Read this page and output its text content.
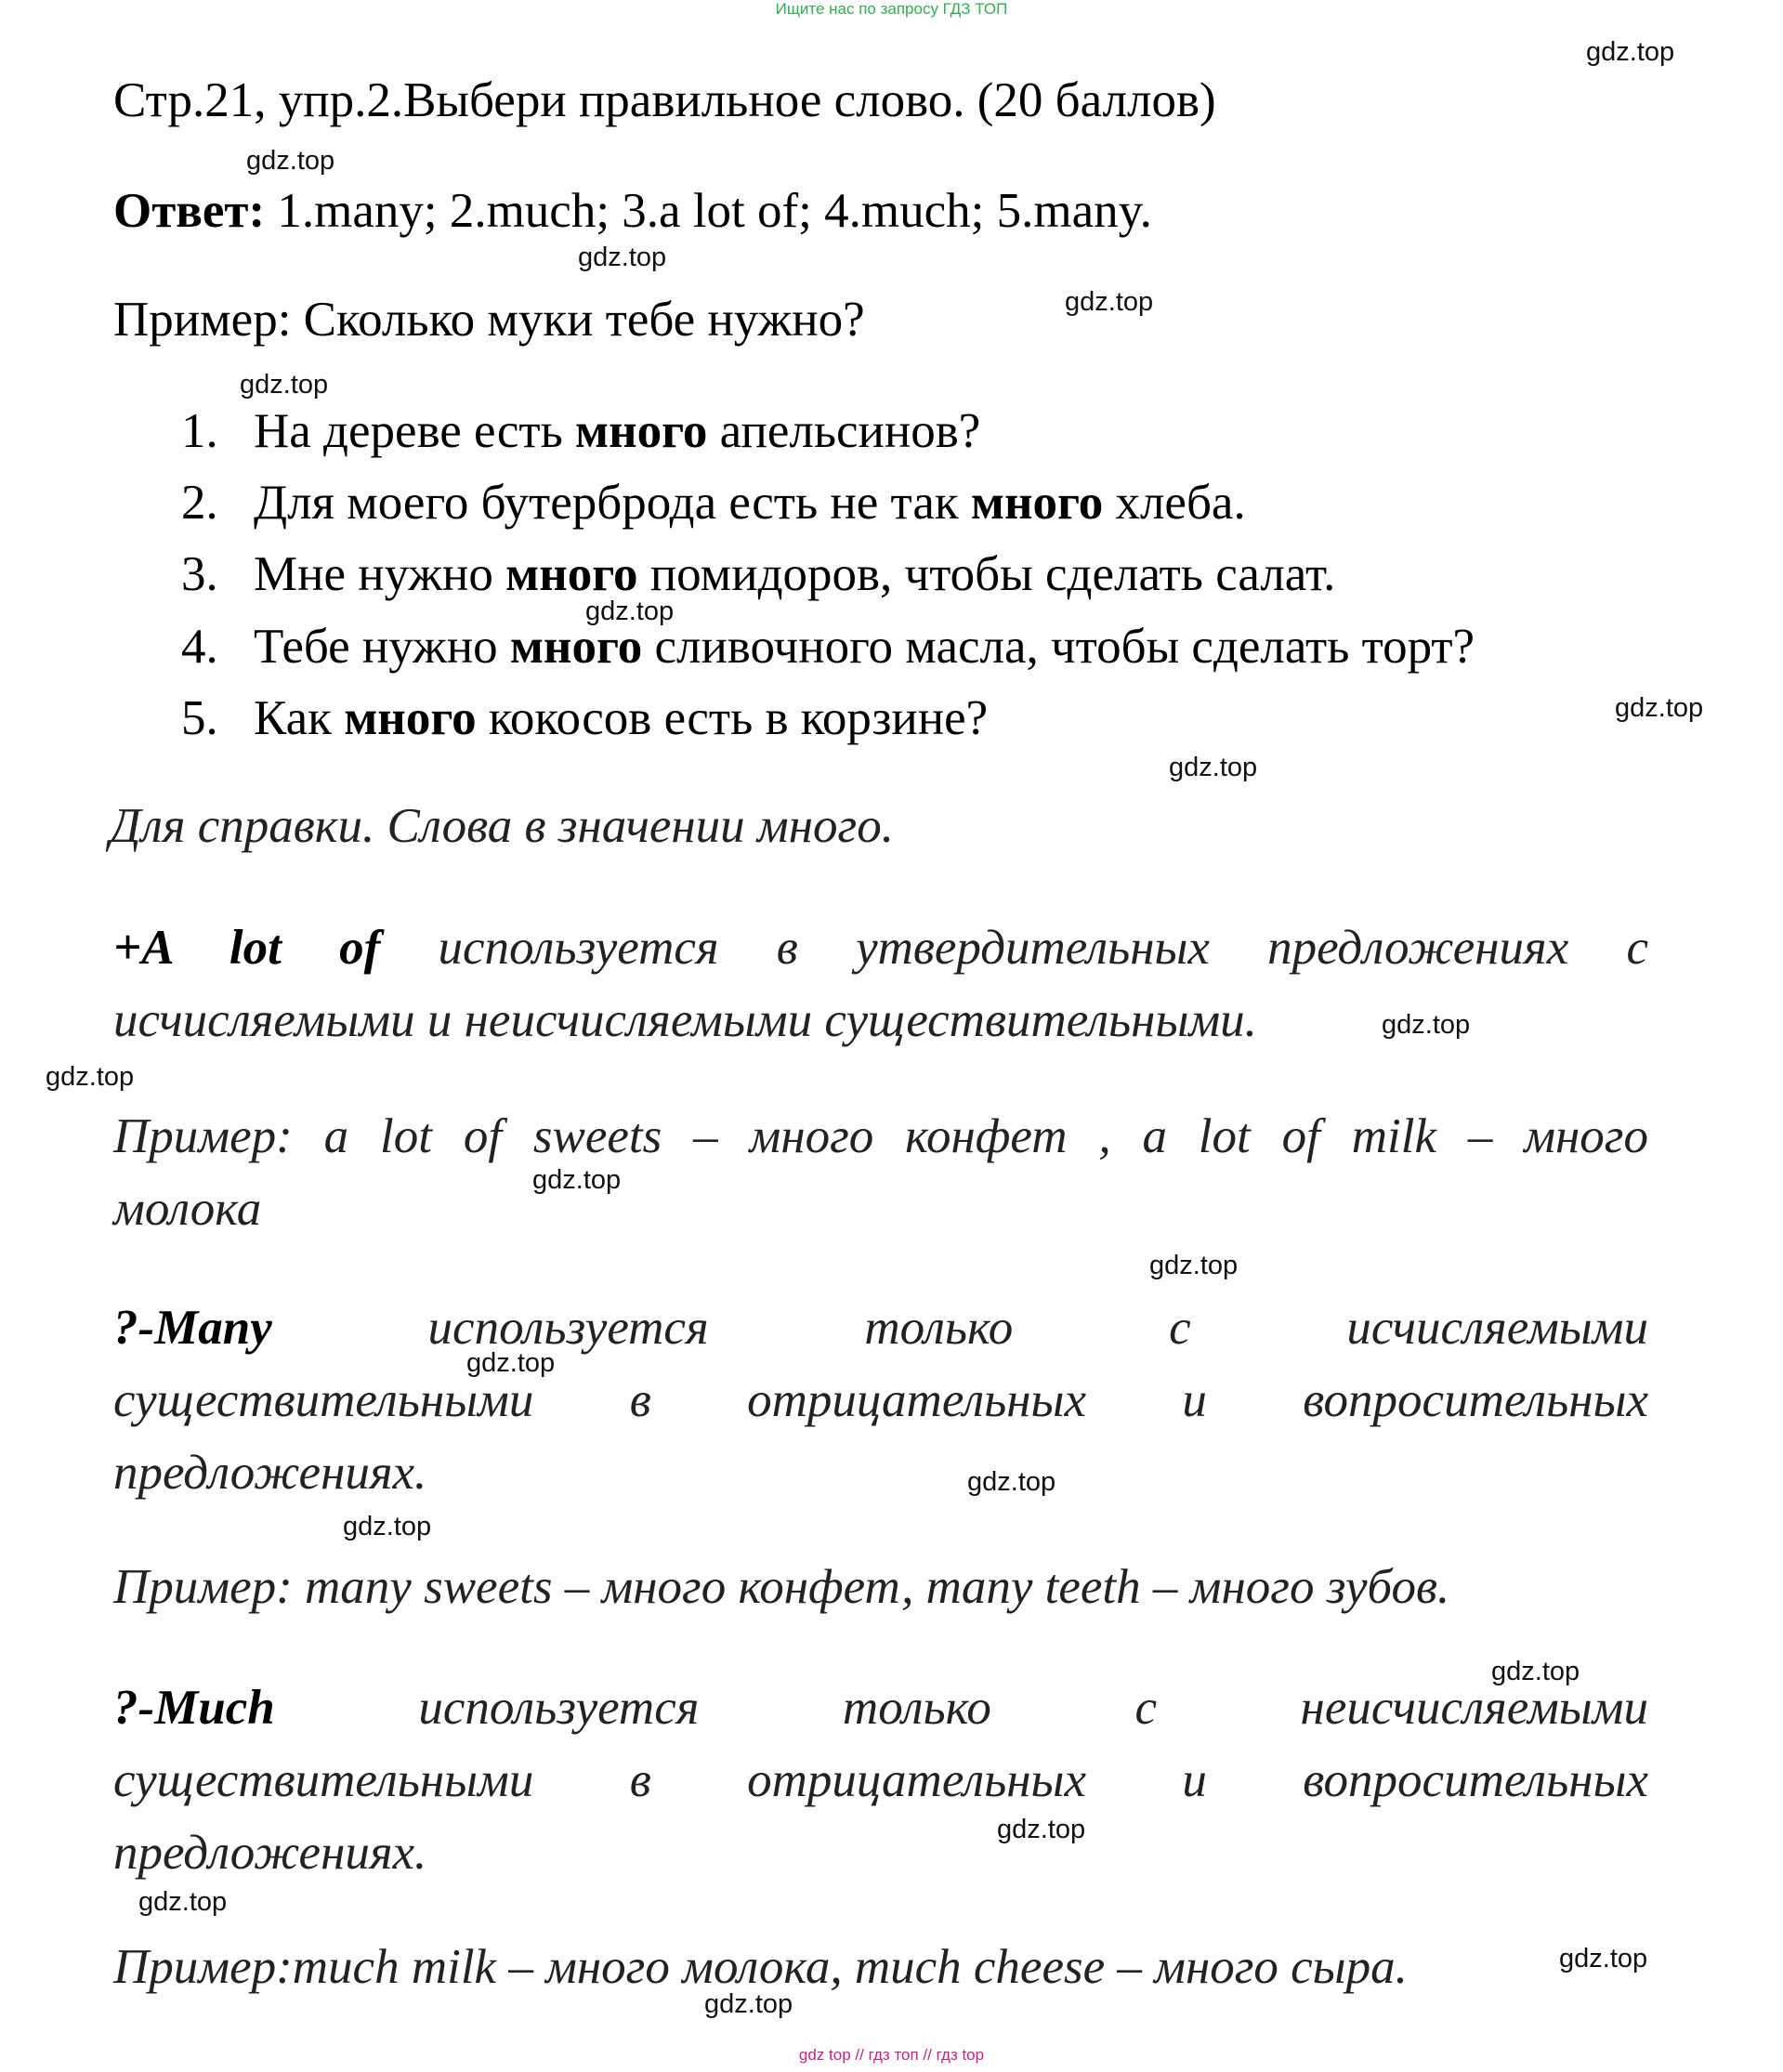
Ищите нас по запросу ГДЗ ТОП
gdz.top
gdz.top
gdz.top
gdz.top
gdz.top
gdz.top
gdz.top
gdz.top
gdz.top
gdz.top
gdz.top
gdz.top
gdz.top
gdz.top
gdz.top
gdz.top
gdz.top
gdz.top
gdz.top
gdz.top
Стр.21, упр.2.Выбери правильное слово. (20 баллов)
Ответ: 1.many; 2.much; 3.a lot of; 4.much; 5.many.
Пример: Сколько муки тебе нужно?
1. На дереве есть много апельсинов?
2. Для моего бутерброда есть не так много хлеба.
3. Мне нужно много помидоров, чтобы сделать салат.
4. Тебе нужно много сливочного масла, чтобы сделать торт?
5. Как много кокосов есть в корзине?
Для справки. Слова в значении много.
+A lot of используется в утвердительных предложениях с
исчисляемыми и неисчисляемыми существительными.
Пример: a lot of sweets – много конфет , a lot of milk – много
молока
?-Many используется только с исчисляемыми
существительными в отрицательных и вопросительных
предложениях.
Пример: many sweets – много конфет, many teeth – много зубов.
?-Much используется только с неисчисляемыми
существительными в отрицательных и вопросительных
предложениях.
Пример:much milk – много молока, much cheese – много сыра.
gdz top // гдз топ // гдз top
